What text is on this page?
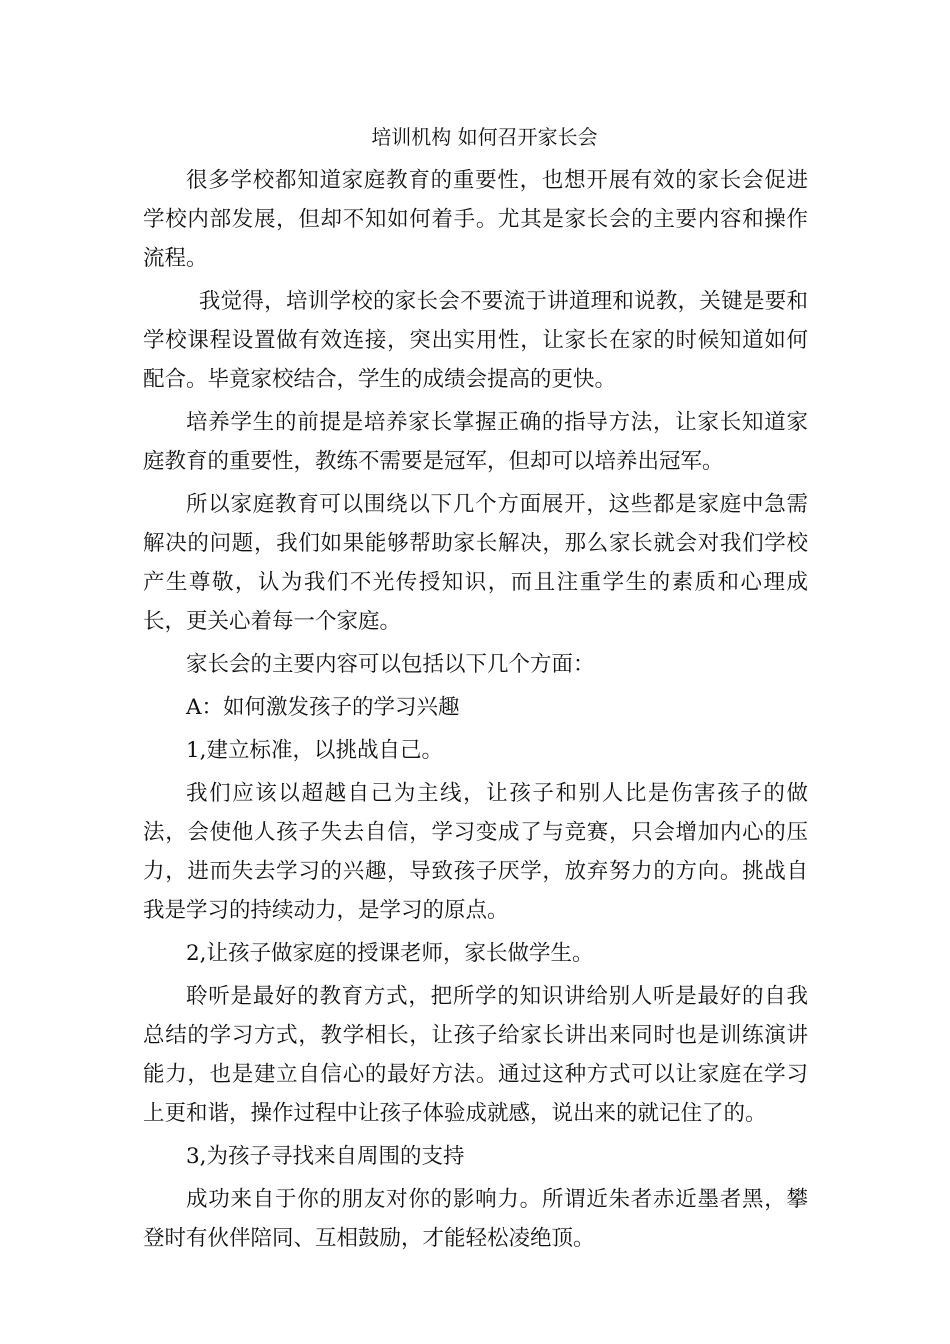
培训机构 如何召开家长会

很多学校都知道家庭教育的重要性，也想开展有效的家长会促进学校内部发展，但却不知如何着手。尤其是家长会的主要内容和操作流程。

我觉得，培训学校的家长会不要流于讲道理和说教，关键是要和学校课程设置做有效连接，突出实用性，让家长在家的时候知道如何配合。毕竟家校结合，学生的成绩会提高的更快。

培养学生的前提是培养家长掌握正确的指导方法，让家长知道家庭教育的重要性，教练不需要是冠军，但却可以培养出冠军。

所以家庭教育可以围绕以下几个方面展开，这些都是家庭中急需解决的问题，我们如果能够帮助家长解决，那么家长就会对我们学校产生尊敬，认为我们不光传授知识，而且注重学生的素质和心理成长，更关心着每一个家庭。

家长会的主要内容可以包括以下几个方面：

A：如何激发孩子的学习兴趣

1,建立标准，以挑战自己。

我们应该以超越自己为主线，让孩子和别人比是伤害孩子的做法，会使他人孩子失去自信，学习变成了与竞赛，只会增加内心的压力，进而失去学习的兴趣，导致孩子厌学，放弃努力的方向。挑战自我是学习的持续动力，是学习的原点。

2,让孩子做家庭的授课老师，家长做学生。

聆听是最好的教育方式，把所学的知识讲给别人听是最好的自我总结的学习方式，教学相长，让孩子给家长讲出来同时也是训练演讲能力，也是建立自信心的最好方法。通过这种方式可以让家庭在学习上更和谐，操作过程中让孩子体验成就感，说出来的就记住了的。

3,为孩子寻找来自周围的支持

成功来自于你的朋友对你的影响力。所谓近朱者赤近墨者黑，攀登时有伙伴陪同、互相鼓励，才能轻松凌绝顶。
